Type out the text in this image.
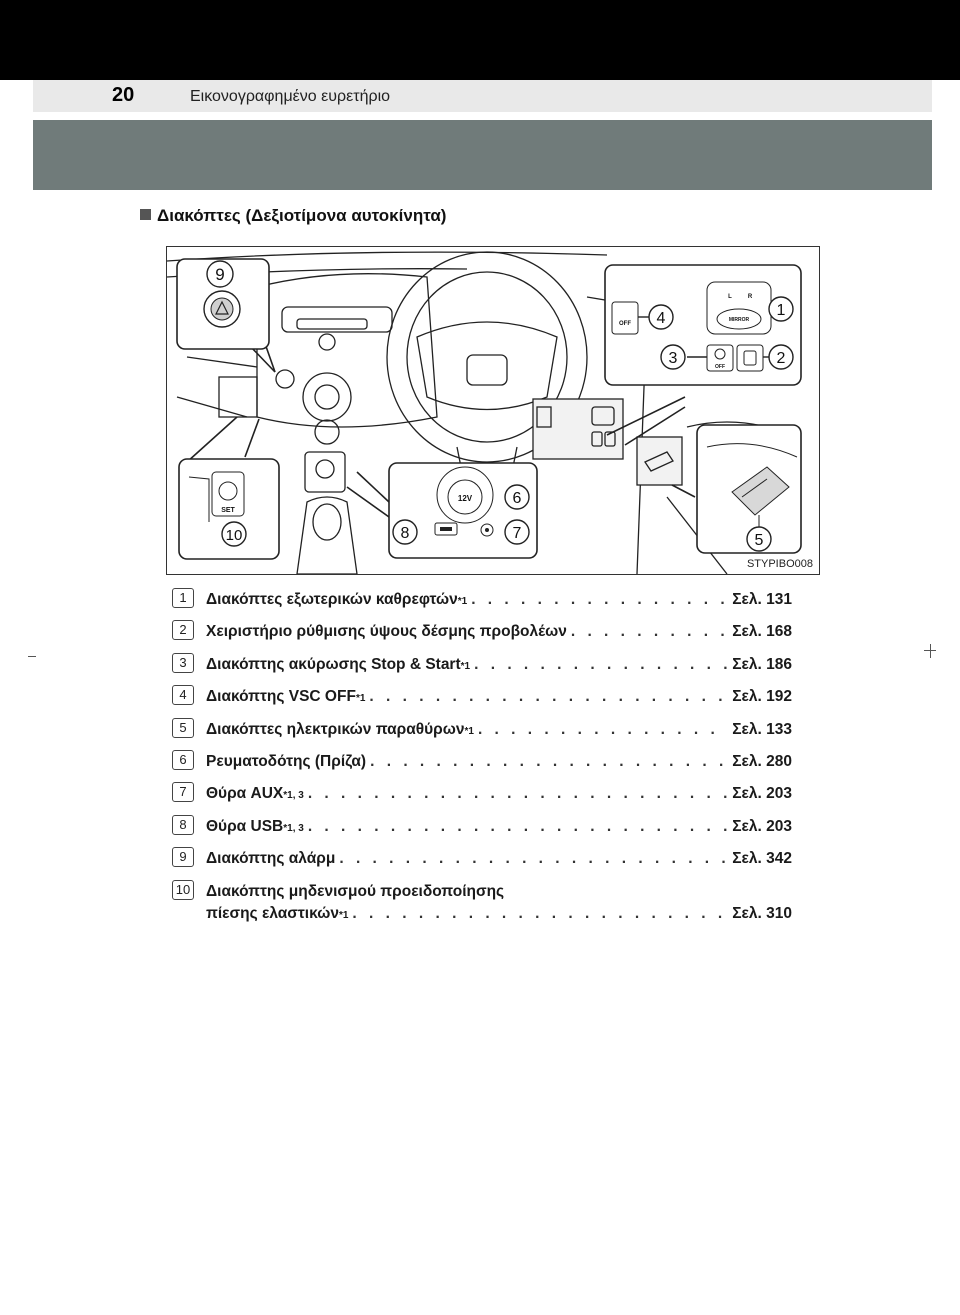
20	Εικονογραφημένο ευρετήριο
Διακόπτες (Δεξιοτίμονα αυτοκίνητα)
9
SET
10
12V	6
7
8
OFF
L	R
MIRROR
OFF
4	1
2
3
5
STYPIBO008
1	Διακόπτες εξωτερικών καθρεφτών *1 . . .	Σελ. 131
2	Χειριστήριο ρύθμισης ύψους δέσμης προβολέων . . .	Σελ. 168
3	Διακόπτης ακύρωσης Stop & Start *1 . . .	Σελ. 186
4	Διακόπτης VSC OFF *1 . . .	Σελ. 192
5	Διακόπτες ηλεκτρικών παραθύρων *1 . . .	Σελ. 133
6	Ρευματοδότης (Πρίζα) . . .	Σελ. 280
7	Θύρα AUX *1, 3 . . .	Σελ. 203
8	Θύρα USB *1, 3 . . .	Σελ. 203
9	Διακόπτης αλάρμ . . .	Σελ. 342
10 Διακόπτης μηδενισμού προειδοποίησης
πίεσης ελαστικών *1 . . .	Σελ. 310
